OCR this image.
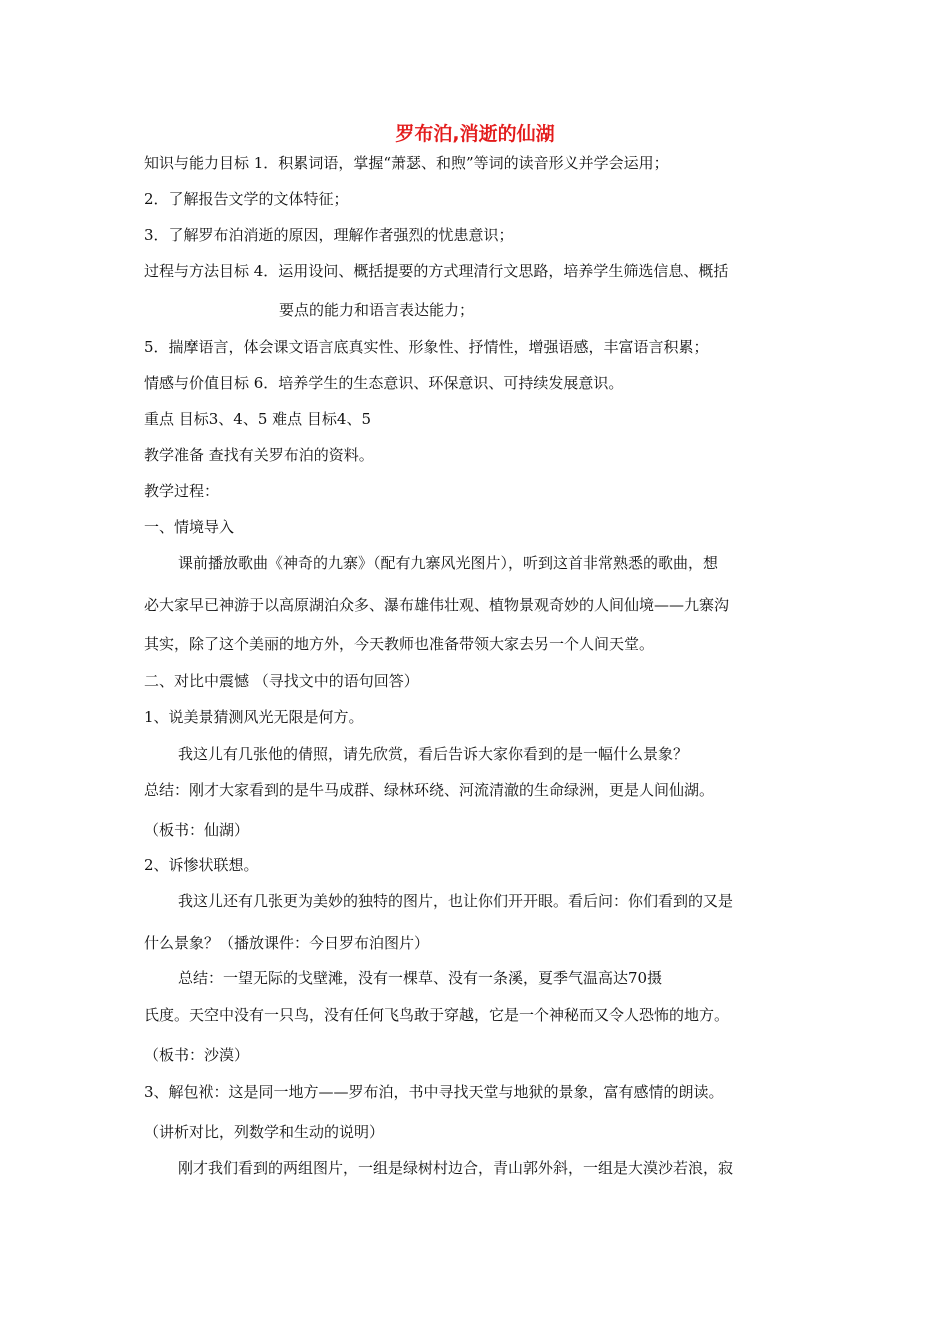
罗布泊,消逝的仙湖
知识与能力目标 1．积累词语，掌握“萧瑟、和煦”等词的读音形义并学会运用；
2．了解报告文学的文体特征；
3．了解罗布泊消逝的原因，理解作者强烈的忧患意识；
过程与方法目标 4．运用设问、概括提要的方式理清行文思路，培养学生筛选信息、概括
要点的能力和语言表达能力；
5．揣摩语言，体会课文语言底真实性、形象性、抒情性，增强语感，丰富语言积累；
情感与价值目标 6．培养学生的生态意识、环保意识、可持续发展意识。
重点 目标3、4、5 难点 目标4、5
教学准备 查找有关罗布泊的资料。
教学过程：
一、情境导入
课前播放歌曲《神奇的九寨》（配有九寨风光图片），听到这首非常熟悉的歌曲，想
必大家早已神游于以高原湖泊众多、瀑布雄伟壮观、植物景观奇妙的人间仙境——九寨沟
其实，除了这个美丽的地方外，今天教师也准备带领大家去另一个人间天堂。
二、对比中震憾 （寻找文中的语句回答）
1、说美景猜测风光无限是何方。
我这儿有几张他的倩照，请先欣赏，看后告诉大家你看到的是一幅什么景象？
总结：刚才大家看到的是牛马成群、绿林环绕、河流清澈的生命绿洲，更是人间仙湖。
（板书：仙湖）
2、诉惨状联想。
我这儿还有几张更为美妙的独特的图片，也让你们开开眼。看后问：你们看到的又是
什么景象？（播放课件：今日罗布泊图片）
总结：一望无际的戈壁滩，没有一棵草、没有一条溪，夏季气温高达70摄
氏度。天空中没有一只鸟，没有任何飞鸟敢于穿越，它是一个神秘而又令人恐怖的地方。
（板书：沙漠）
3、解包袱：这是同一地方——罗布泊，书中寻找天堂与地狱的景象，富有感情的朗读。
（讲析对比，列数学和生动的说明）
刚才我们看到的两组图片，一组是绿树村边合，青山郭外斜，一组是大漠沙若浪，寂
